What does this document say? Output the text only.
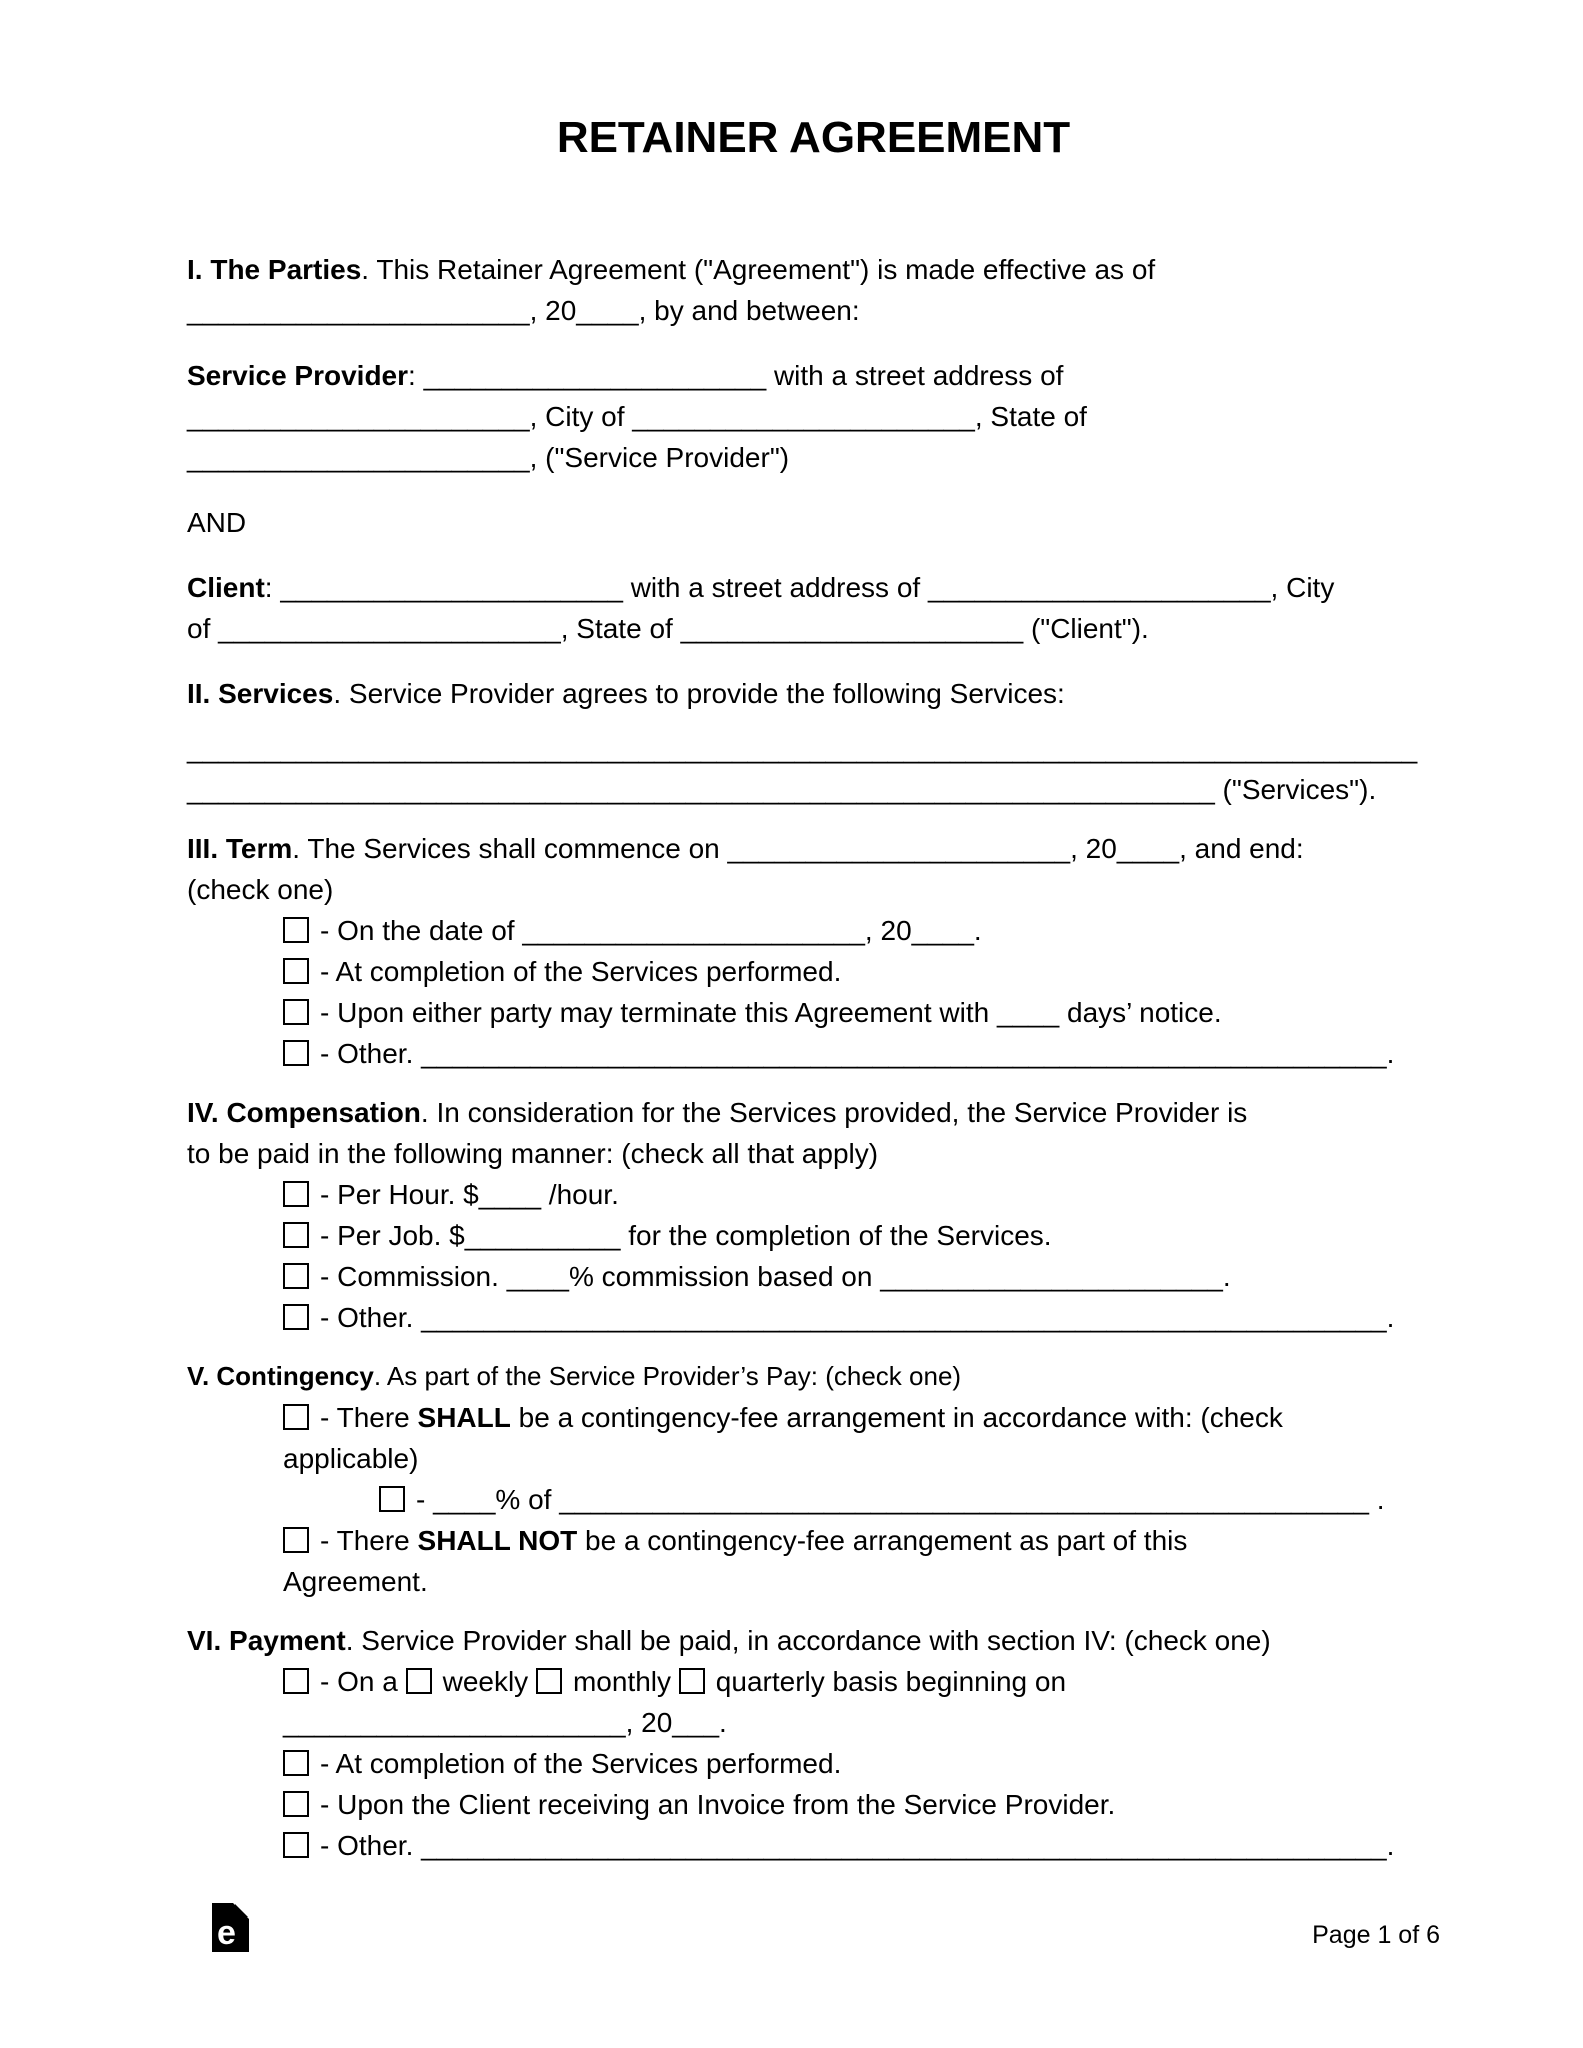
RETAINER AGREEMENT
I. The Parties. This Retainer Agreement ("Agreement") is made effective as of
______________________, 20____, by and between:
Service Provider: ______________________ with a street address of
______________________, City of ______________________, State of
______________________, ("Service Provider")
AND
Client: ______________________ with a street address of ______________________, City
of ______________________, State of ______________________ ("Client").
II. Services. Service Provider agrees to provide the following Services:
_______________________________________________________________________________
__________________________________________________________________ ("Services").
III. Term. The Services shall commence on ______________________, 20____, and end:
(check one)
- On the date of ______________________, 20____.
- At completion of the Services performed.
- Upon either party may terminate this Agreement with ____ days’ notice.
- Other. ______________________________________________________________.
IV. Compensation. In consideration for the Services provided, the Service Provider is
to be paid in the following manner: (check all that apply)
- Per Hour. $____ /hour.
- Per Job. $__________ for the completion of the Services.
- Commission. ____% commission based on ______________________.
- Other. ______________________________________________________________.
V. Contingency. As part of the Service Provider’s Pay: (check one)
- There SHALL be a contingency-fee arrangement in accordance with: (check
applicable)
- ____% of ____________________________________________________ .
- There SHALL NOT be a contingency-fee arrangement as part of this
Agreement.
VI. Payment. Service Provider shall be paid, in accordance with section IV: (check one)
- On a weekly monthly quarterly basis beginning on
______________________, 20___.
- At completion of the Services performed.
- Upon the Client receiving an Invoice from the Service Provider.
- Other. ______________________________________________________________.
e	Page 1 of 6
